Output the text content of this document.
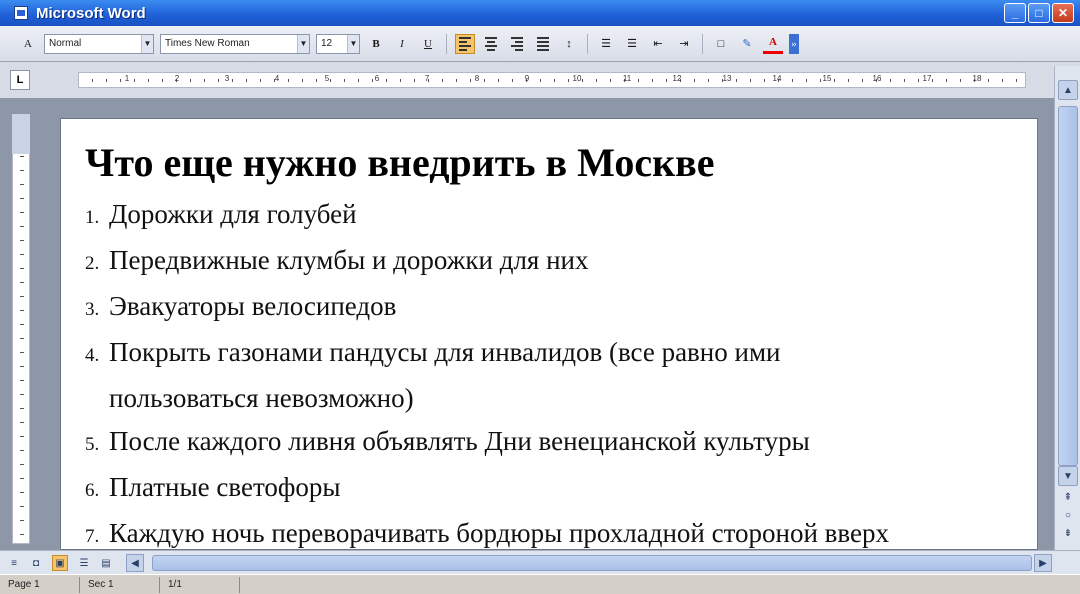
Microsoft Word	_	□	✕
A	Normal	▼ Times New Roman	▼ 12	▼	B	I	U	↕	☰	☰	⇤	⇥	□	✎	A	»
L	1	2	3	4	5	6	7	8	9	10	11	12	13	14	15	16	17	18
Что еще нужно внедрить в Москве
1. Дорожки для голубей
2. Передвижные клумбы и дорожки для них
3. Эвакуаторы велосипедов
4. Покрыть газонами пандусы для инвалидов (все равно ими
пользоваться невозможно)
5. После каждого ливня объявлять Дни венецианской культуры
6. Платные светофоры
7. Каждую ночь переворачивать бордюры прохладной стороной вверх
▲
▼
⇞
○
⇟
≡	◘	▣	☰	▤	◀	▶
Page 1	Sec 1	1/1
